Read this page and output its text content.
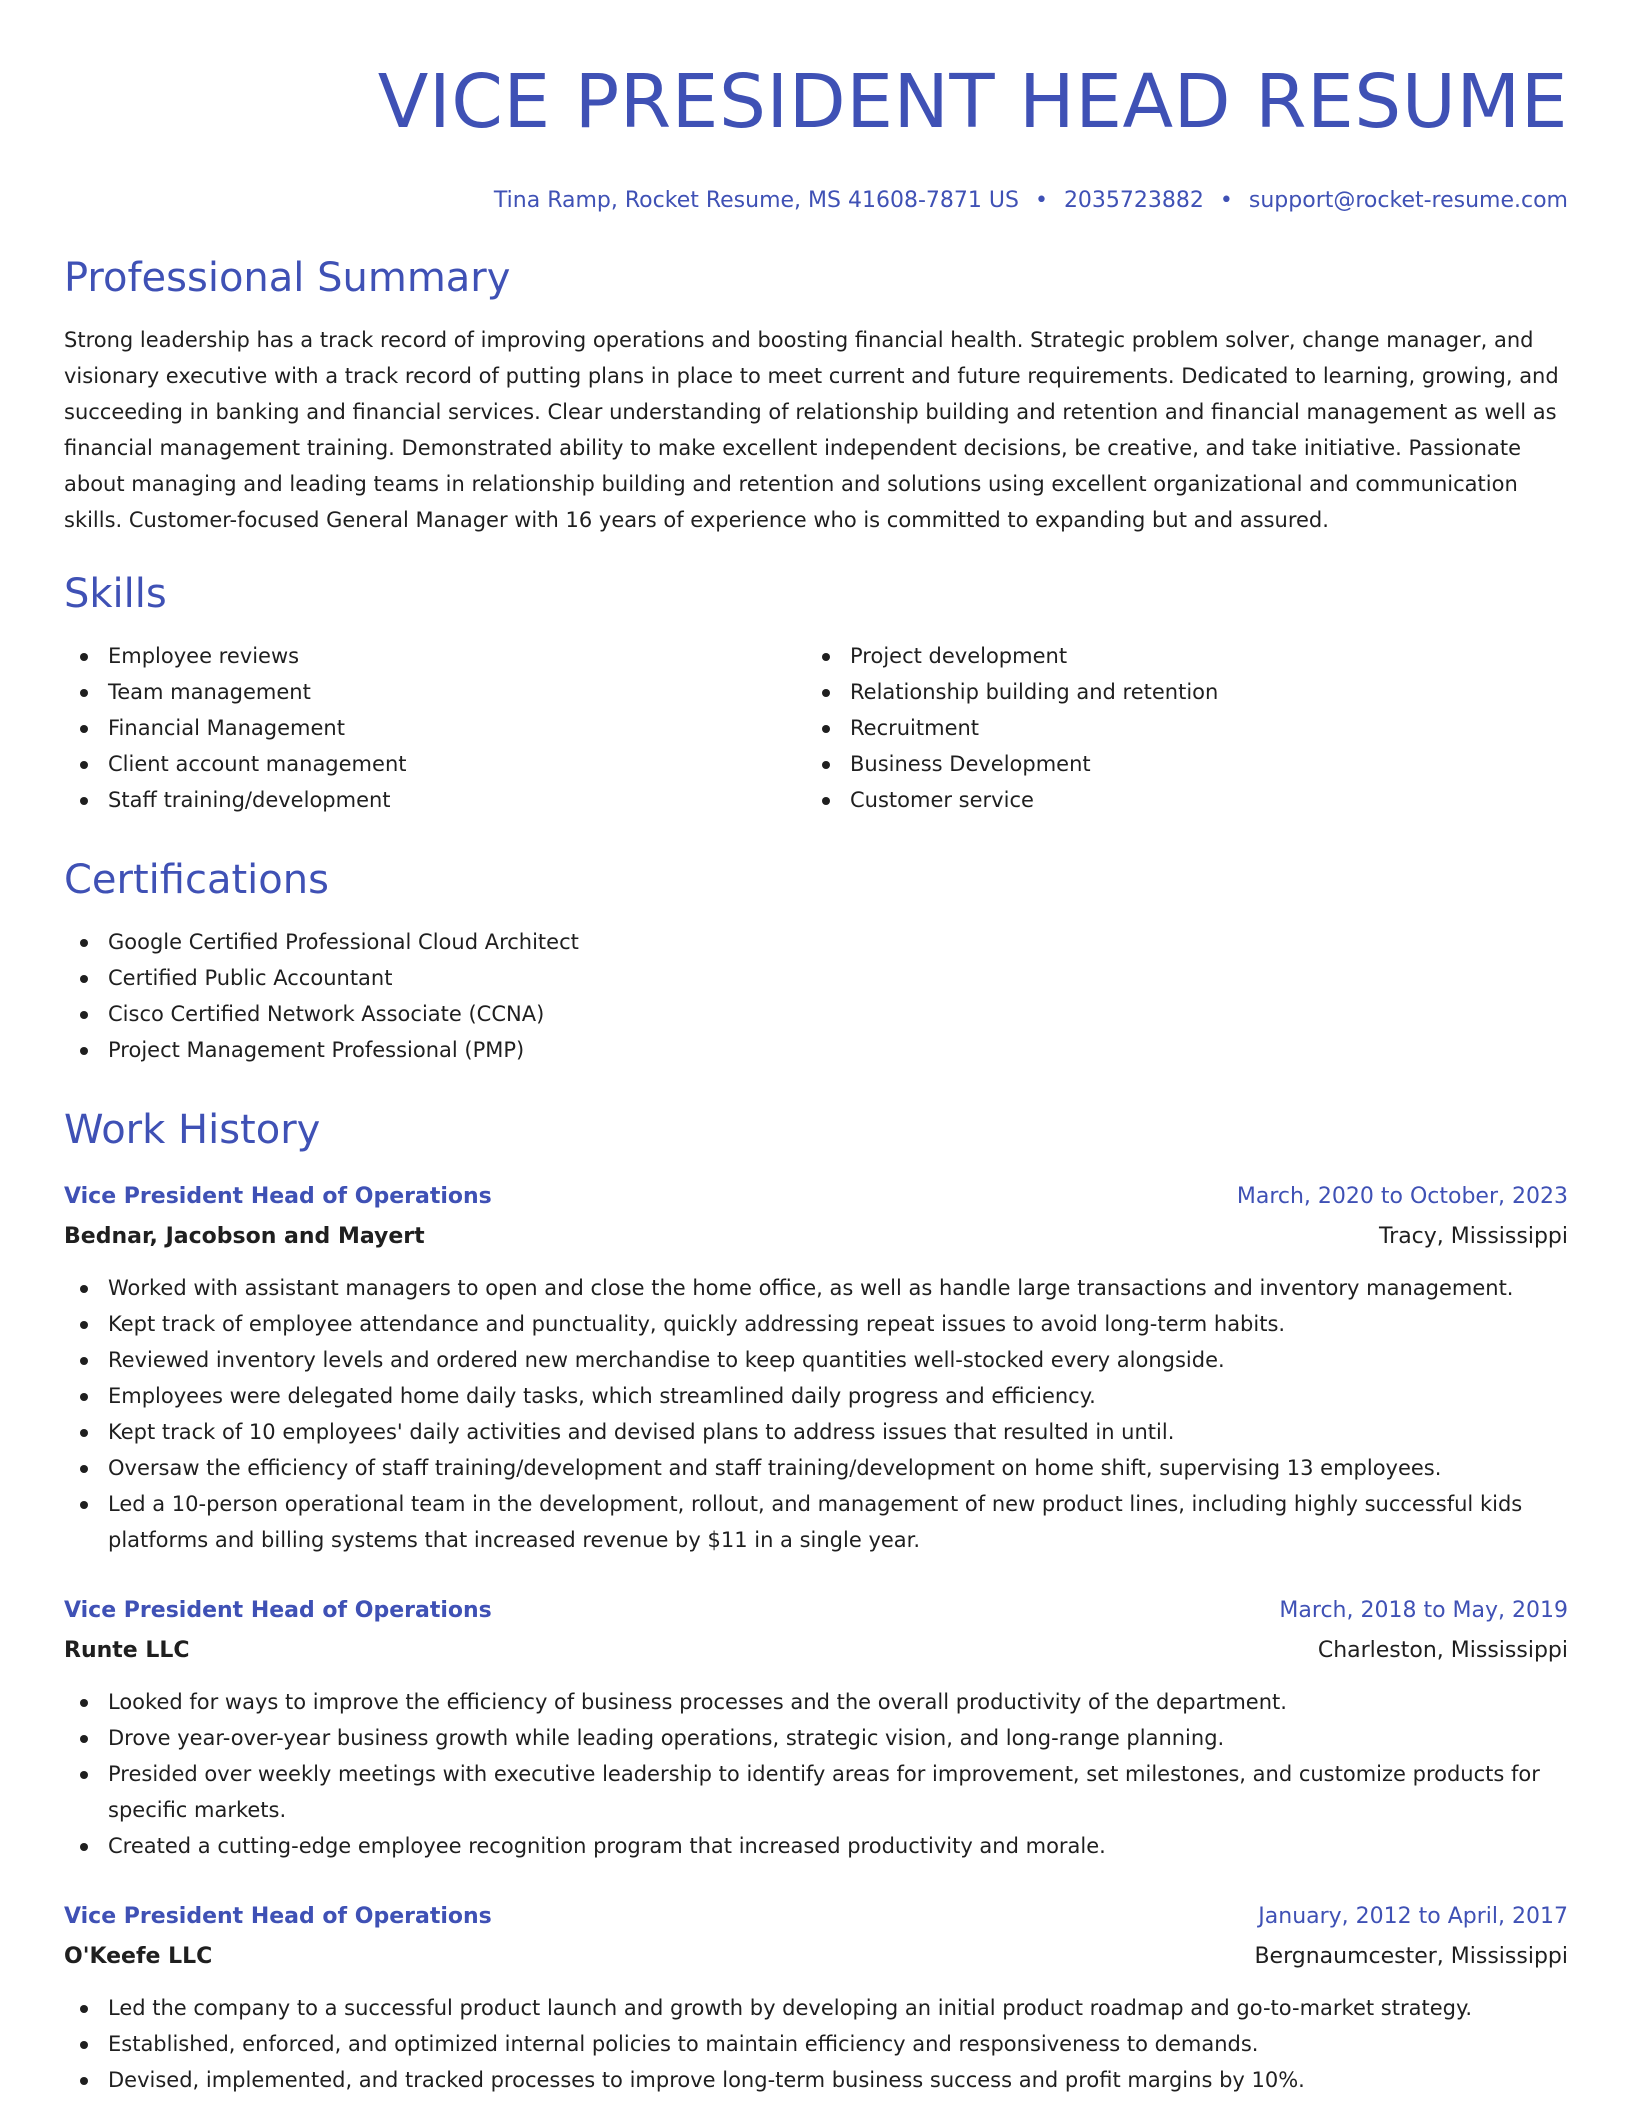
VICE PRESIDENT HEAD RESUME
Tina Ramp, Rocket Resume, MS 41608-7871 US • 2035723882 • support@rocket-resume.com
Professional Summary

Strong leadership has a track record of improving operations and boosting financial health. Strategic problem solver, change manager, and visionary executive with a track record of putting plans in place to meet current and future requirements. Dedicated to learning, growing, and succeeding in banking and financial services. Clear understanding of relationship building and retention and financial management as well as financial management training. Demonstrated ability to make excellent independent decisions, be creative, and take initiative. Passionate about managing and leading teams in relationship building and retention and solutions using excellent organizational and communication skills. Customer-focused General Manager with 16 years of experience who is committed to expanding but and assured.

Skills
Employee reviews
Team management
Financial Management
Client account management
Staff training/development
Project development
Relationship building and retention
Recruitment
Business Development
Customer service
Certifications
Google Certified Professional Cloud Architect
Certified Public Accountant
Cisco Certified Network Associate (CCNA)
Project Management Professional (PMP)
Work History
Vice President Head of Operations	March, 2020 to October, 2023
Bednar, Jacobson and Mayert	Tracy, Mississippi
Worked with assistant managers to open and close the home office, as well as handle large transactions and inventory management.
Kept track of employee attendance and punctuality, quickly addressing repeat issues to avoid long-term habits.
Reviewed inventory levels and ordered new merchandise to keep quantities well-stocked every alongside.
Employees were delegated home daily tasks, which streamlined daily progress and efficiency.
Kept track of 10 employees' daily activities and devised plans to address issues that resulted in until.
Oversaw the efficiency of staff training/development and staff training/development on home shift, supervising 13 employees.
Led a 10-person operational team in the development, rollout, and management of new product lines, including highly successful kids platforms and billing systems that increased revenue by $11 in a single year.
Vice President Head of Operations	March, 2018 to May, 2019
Runte LLC	Charleston, Mississippi
Looked for ways to improve the efficiency of business processes and the overall productivity of the department.
Drove year-over-year business growth while leading operations, strategic vision, and long-range planning.
Presided over weekly meetings with executive leadership to identify areas for improvement, set milestones, and customize products for specific markets.
Created a cutting-edge employee recognition program that increased productivity and morale.
Vice President Head of Operations	January, 2012 to April, 2017
O'Keefe LLC	Bergnaumcester, Mississippi
Led the company to a successful product launch and growth by developing an initial product roadmap and go-to-market strategy.
Established, enforced, and optimized internal policies to maintain efficiency and responsiveness to demands.
Devised, implemented, and tracked processes to improve long-term business success and profit margins by 10%.
